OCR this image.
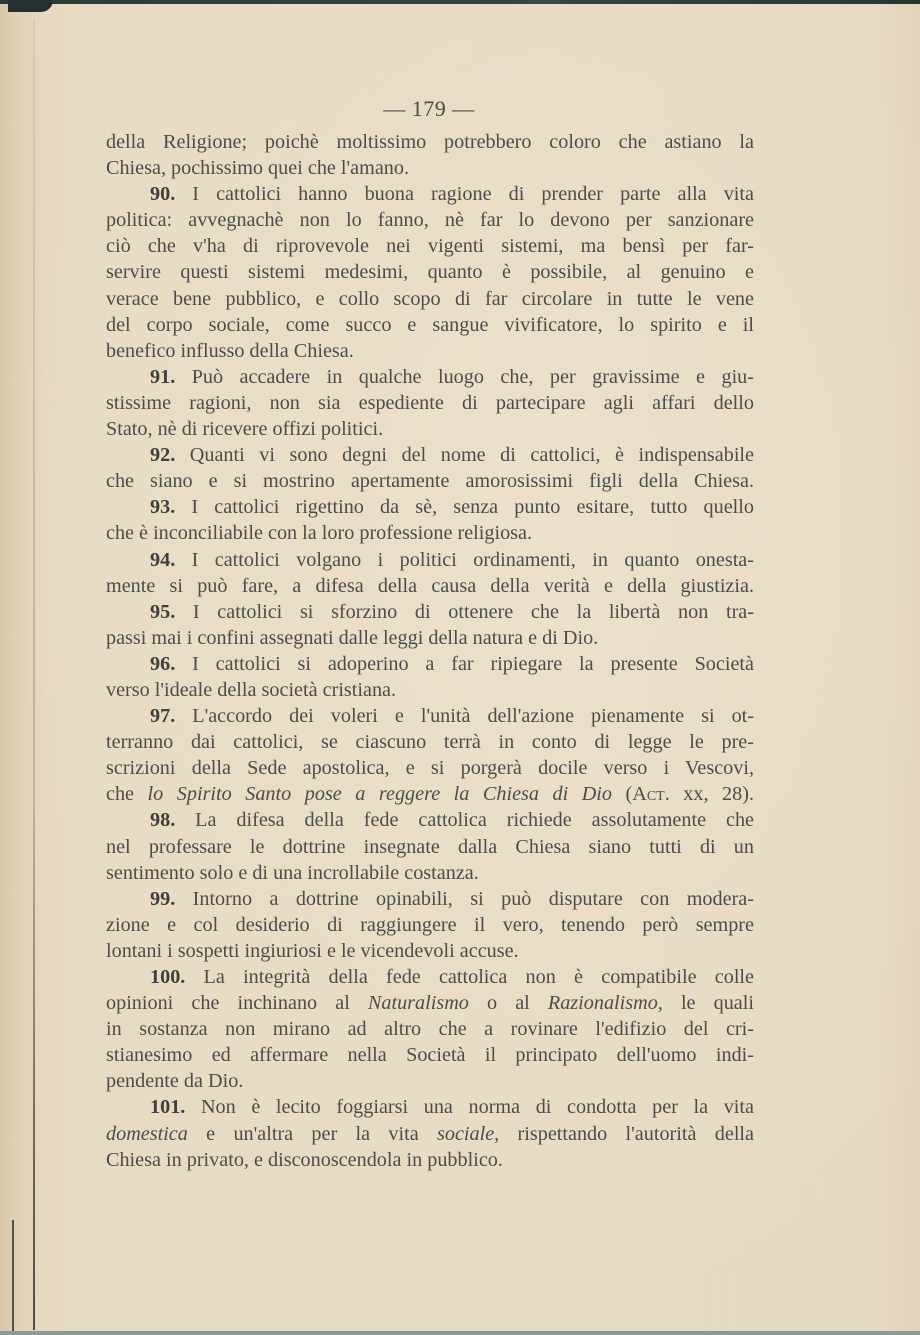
— 179 —
della Religione; poichè moltissimo potrebbero coloro che astiano la
Chiesa, pochissimo quei che l'amano.
90. I cattolici hanno buona ragione di prender parte alla vita
politica: avvegnachè non lo fanno, nè far lo devono per sanzionare
ciò che v'ha di riprovevole nei vigenti sistemi, ma bensì per far-
servire questi sistemi medesimi, quanto è possibile, al genuino e
verace bene pubblico, e collo scopo di far circolare in tutte le vene
del corpo sociale, come succo e sangue vivificatore, lo spirito e il
benefico influsso della Chiesa.
91. Può accadere in qualche luogo che, per gravissime e giu-
stissime ragioni, non sia espediente di partecipare agli affari dello
Stato, nè di ricevere offizi politici.
92. Quanti vi sono degni del nome di cattolici, è indispensabile
che siano e si mostrino apertamente amorosissimi figli della Chiesa.
93. I cattolici rigettino da sè, senza punto esitare, tutto quello
che è inconciliabile con la loro professione religiosa.
94. I cattolici volgano i politici ordinamenti, in quanto onesta-
mente si può fare, a difesa della causa della verità e della giustizia.
95. I cattolici si sforzino di ottenere che la libertà non tra-
passi mai i confini assegnati dalle leggi della natura e di Dio.
96. I cattolici si adoperino a far ripiegare la presente Società
verso l'ideale della società cristiana.
97. L'accordo dei voleri e l'unità dell'azione pienamente si ot-
terranno dai cattolici, se ciascuno terrà in conto di legge le pre-
scrizioni della Sede apostolica, e si porgerà docile verso i Vescovi,
che lo Spirito Santo pose a reggere la Chiesa di Dio (Act. xx, 28).
98. La difesa della fede cattolica richiede assolutamente che
nel professare le dottrine insegnate dalla Chiesa siano tutti di un
sentimento solo e di una incrollabile costanza.
99. Intorno a dottrine opinabili, si può disputare con modera-
zione e col desiderio di raggiungere il vero, tenendo però sempre
lontani i sospetti ingiuriosi e le vicendevoli accuse.
100. La integrità della fede cattolica non è compatibile colle
opinioni che inchinano al Naturalismo o al Razionalismo, le quali
in sostanza non mirano ad altro che a rovinare l'edifizio del cri-
stianesimo ed affermare nella Società il principato dell'uomo indi-
pendente da Dio.
101. Non è lecito foggiarsi una norma di condotta per la vita
domestica e un'altra per la vita sociale, rispettando l'autorità della
Chiesa in privato, e disconoscendola in pubblico.
